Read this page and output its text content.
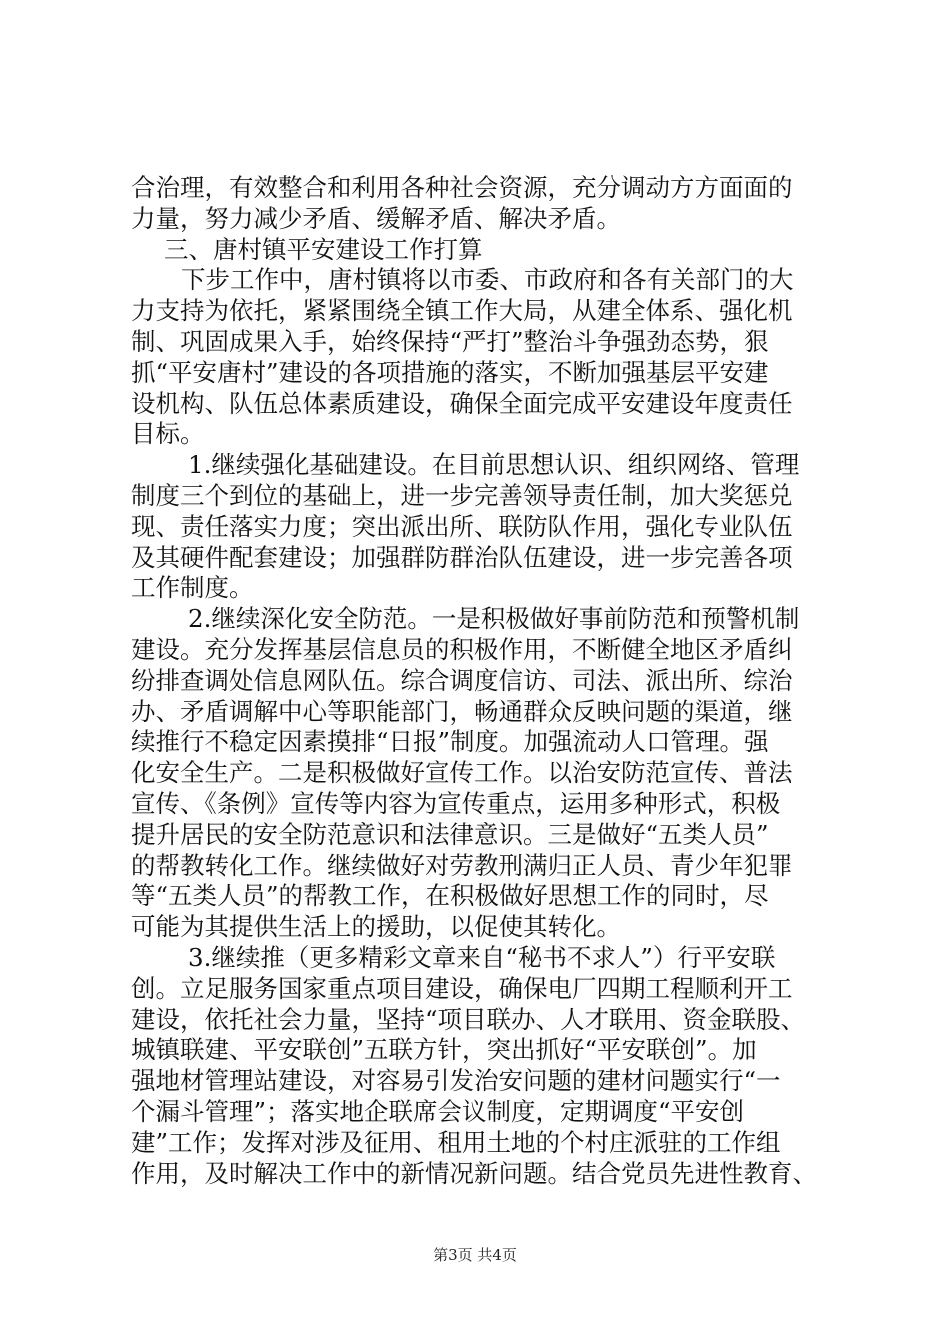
合治理，有效整合和利用各种社会资源，充分调动方方面面的
力量，努力减少矛盾、缓解矛盾、解决矛盾。
三、唐村镇平安建设工作打算
下步工作中，唐村镇将以市委、市政府和各有关部门的大
力支持为依托，紧紧围绕全镇工作大局，从建全体系、强化机
制、巩固成果入手，始终保持“严打”整治斗争强劲态势，狠
抓“平安唐村”建设的各项措施的落实，不断加强基层平安建
设机构、队伍总体素质建设，确保全面完成平安建设年度责任
目标。
1.继续强化基础建设。在目前思想认识、组织网络、管理
制度三个到位的基础上，进一步完善领导责任制，加大奖惩兑
现、责任落实力度；突出派出所、联防队作用，强化专业队伍
及其硬件配套建设；加强群防群治队伍建设，进一步完善各项
工作制度。
2.继续深化安全防范。一是积极做好事前防范和预警机制
建设。充分发挥基层信息员的积极作用，不断健全地区矛盾纠
纷排查调处信息网队伍。综合调度信访、司法、派出所、综治
办、矛盾调解中心等职能部门，畅通群众反映问题的渠道，继
续推行不稳定因素摸排“日报”制度。加强流动人口管理。强
化安全生产。二是积极做好宣传工作。以治安防范宣传、普法
宣传、《条例》宣传等内容为宣传重点，运用多种形式，积极
提升居民的安全防范意识和法律意识。三是做好“五类人员”
的帮教转化工作。继续做好对劳教刑满归正人员、青少年犯罪
等“五类人员”的帮教工作，在积极做好思想工作的同时，尽
可能为其提供生活上的援助，以促使其转化。
3.继续推（更多精彩文章来自“秘书不求人”）行平安联
创。立足服务国家重点项目建设，确保电厂四期工程顺利开工
建设，依托社会力量，坚持“项目联办、人才联用、资金联股、
城镇联建、平安联创”五联方针，突出抓好“平安联创”。加
强地材管理站建设，对容易引发治安问题的建材问题实行“一
个漏斗管理”；落实地企联席会议制度，定期调度“平安创
建”工作；发挥对涉及征用、租用土地的个村庄派驻的工作组
作用，及时解决工作中的新情况新问题。结合党员先进性教育、
第3页 共4页
